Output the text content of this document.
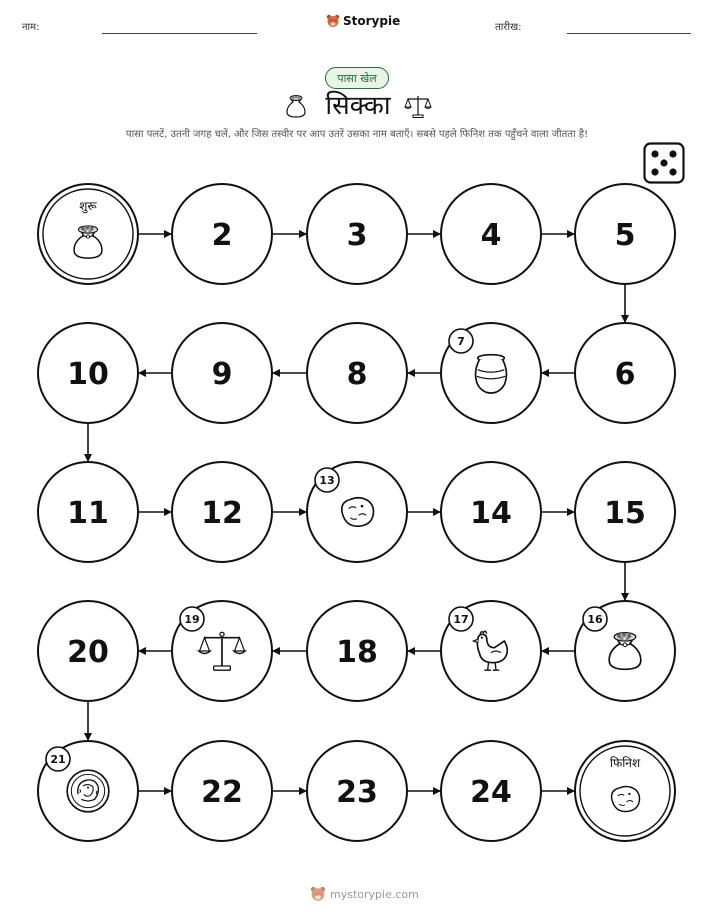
नाम:	Storypie	तारीख:
पासा खेल
सिक्का
पासा पलटें, उतनी जगह चलें, और जिस तस्वीर पर आप उतरें उसका नाम बताएँ। सबसे पहले फिनिश तक पहुँचने वाला जीतता है!
शुरू
2	3	4	5
6
7
8
9
10
11	12
13
14	15
16
17
18
19
20
21
22	23	24
फिनिश
mystorypie.com
